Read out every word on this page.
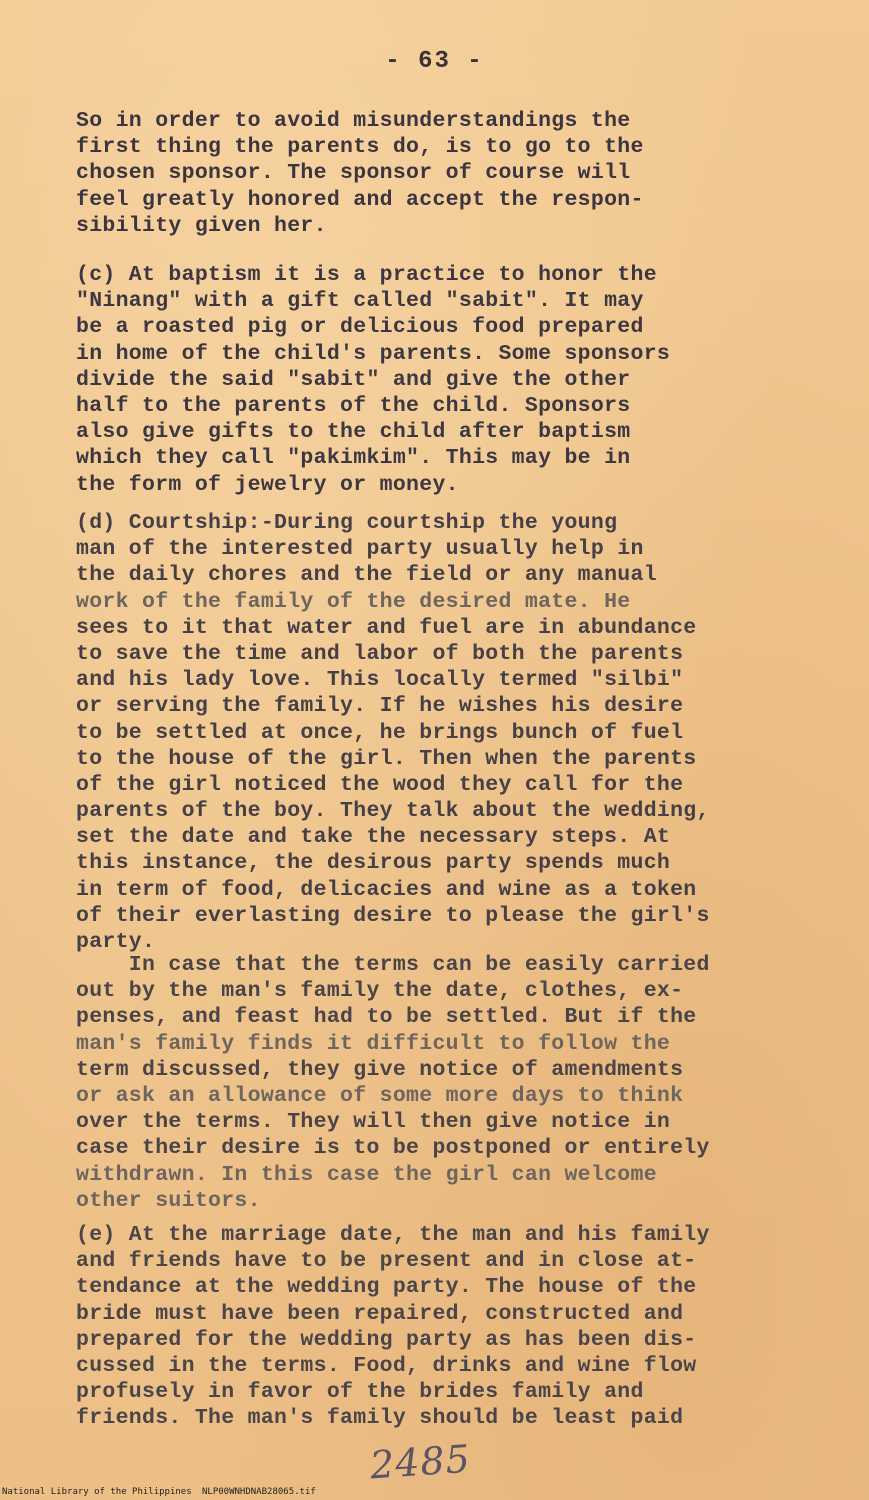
- 63 -
So in order to avoid misunderstandings the
first thing the parents do, is to go to the
chosen sponsor. The sponsor of course will
feel greatly honored and accept the respon-
sibility given her.
(c) At baptism it is a practice to honor the
"Ninang" with a gift called "sabit". It may
be a roasted pig or delicious food prepared
in home of the child's parents. Some sponsors
divide the said "sabit" and give the other
half to the parents of the child. Sponsors
also give gifts to the child after baptism
which they call "pakimkim". This may be in
the form of jewelry or money.
(d) Courtship:-During courtship the young
man of the interested party usually help in
the daily chores and the field or any manual
work of the family of the desired mate. He
sees to it that water and fuel are in abundance
to save the time and labor of both the parents
and his lady love. This locally termed "silbi"
or serving the family. If he wishes his desire
to be settled at once, he brings bunch of fuel
to the house of the girl. Then when the parents
of the girl noticed the wood they call for the
parents of the boy. They talk about the wedding,
set the date and take the necessary steps. At
this instance, the desirous party spends much
in term of food, delicacies and wine as a token
of their everlasting desire to please the girl's
party.
In case that the terms can be easily carried
out by the man's family the date, clothes, ex-
penses, and feast had to be settled. But if the
man's family finds it difficult to follow the
term discussed, they give notice of amendments
or ask an allowance of some more days to think
over the terms. They will then give notice in
case their desire is to be postponed or entirely
withdrawn. In this case the girl can welcome
other suitors.
(e) At the marriage date, the man and his family
and friends have to be present and in close at-
tendance at the wedding party. The house of the
bride must have been repaired, constructed and
prepared for the wedding party as has been dis-
cussed in the terms. Food, drinks and wine flow
profusely in favor of the brides family and
friends. The man's family should be least paid
2485
National Library of the Philippines NLP00WNHDNAB28065.tif
